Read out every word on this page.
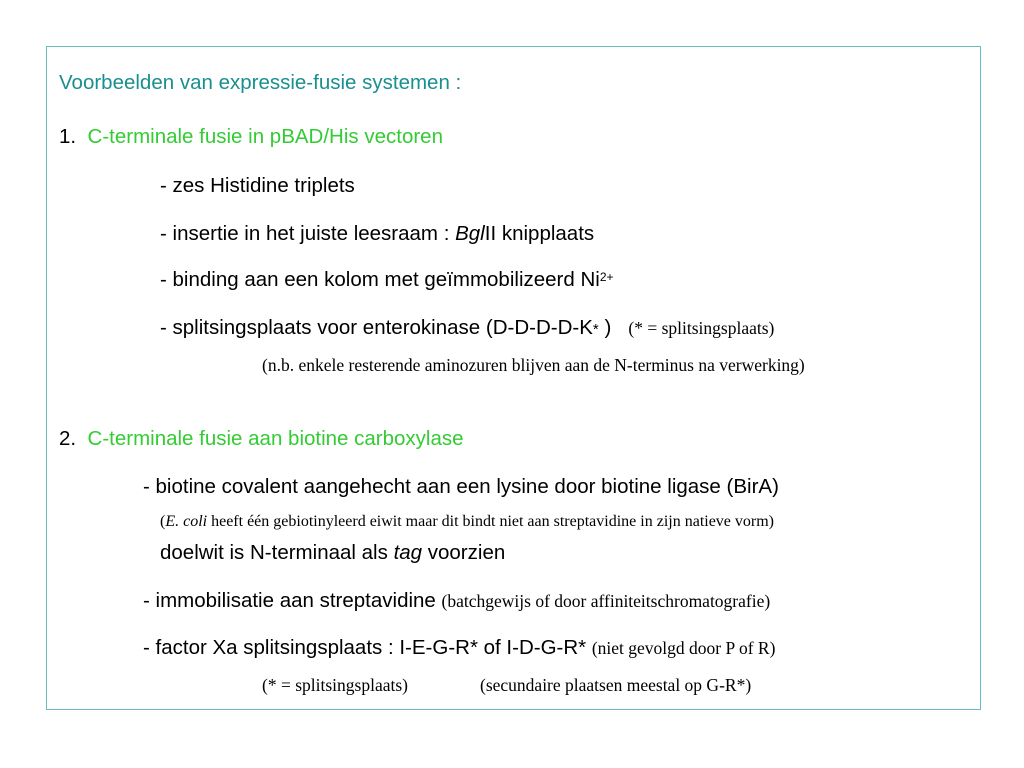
Voorbeelden van expressie-fusie systemen :
1. C-terminale fusie in pBAD/His vectoren
- zes Histidine triplets
- insertie in het juiste leesraam : BglII knipplaats
- binding aan een kolom met geïmmobilizeerd $Ni^{2+}$
- splitsingsplaats voor enterokinase (D-D-D-D-K* ) (* = splitsingsplaats)
(n.b. enkele resterende aminozuren blijven aan de N-terminus na verwerking)
2. C-terminale fusie aan biotine carboxylase
- biotine covalent aangehecht aan een lysine door biotine ligase (BirA)
(E. coli heeft één gebiotinyleerd eiwit maar dit bindt niet aan streptavidine in zijn natieve vorm)
doelwit is N-terminaal als tag voorzien
- immobilisatie aan streptavidine (batchgewijs of door affiniteitschromatografie)
- factor Xa splitsingsplaats : I-E-G-R* of I-D-G-R* (niet gevolgd door P of R)
(* = splitsingsplaats)	(secundaire plaatsen meestal op G-R*)
